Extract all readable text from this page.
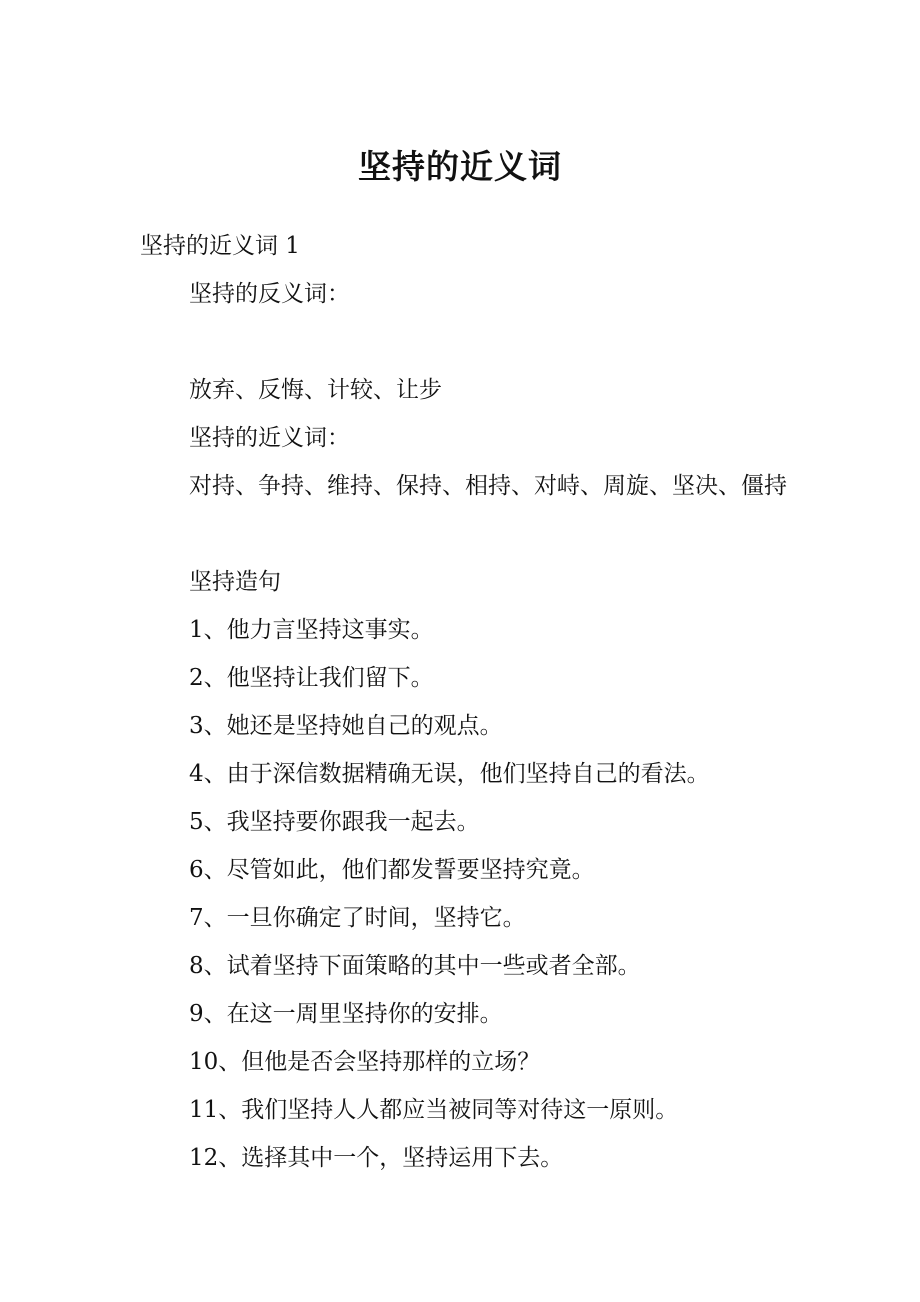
坚持的近义词
坚持的近义词 1

坚持的反义词：

放弃、反悔、计较、让步

坚持的近义词：

对持、争持、维持、保持、相持、对峙、周旋、坚决、僵持

坚持造句

1、他力言坚持这事实。

2、他坚持让我们留下。

3、她还是坚持她自己的观点。

4、由于深信数据精确无误，他们坚持自己的看法。

5、我坚持要你跟我一起去。

6、尽管如此，他们都发誓要坚持究竟。

7、一旦你确定了时间，坚持它。

8、试着坚持下面策略的其中一些或者全部。

9、在这一周里坚持你的安排。

10、但他是否会坚持那样的立场？

11、我们坚持人人都应当被同等对待这一原则。

12、选择其中一个，坚持运用下去。
